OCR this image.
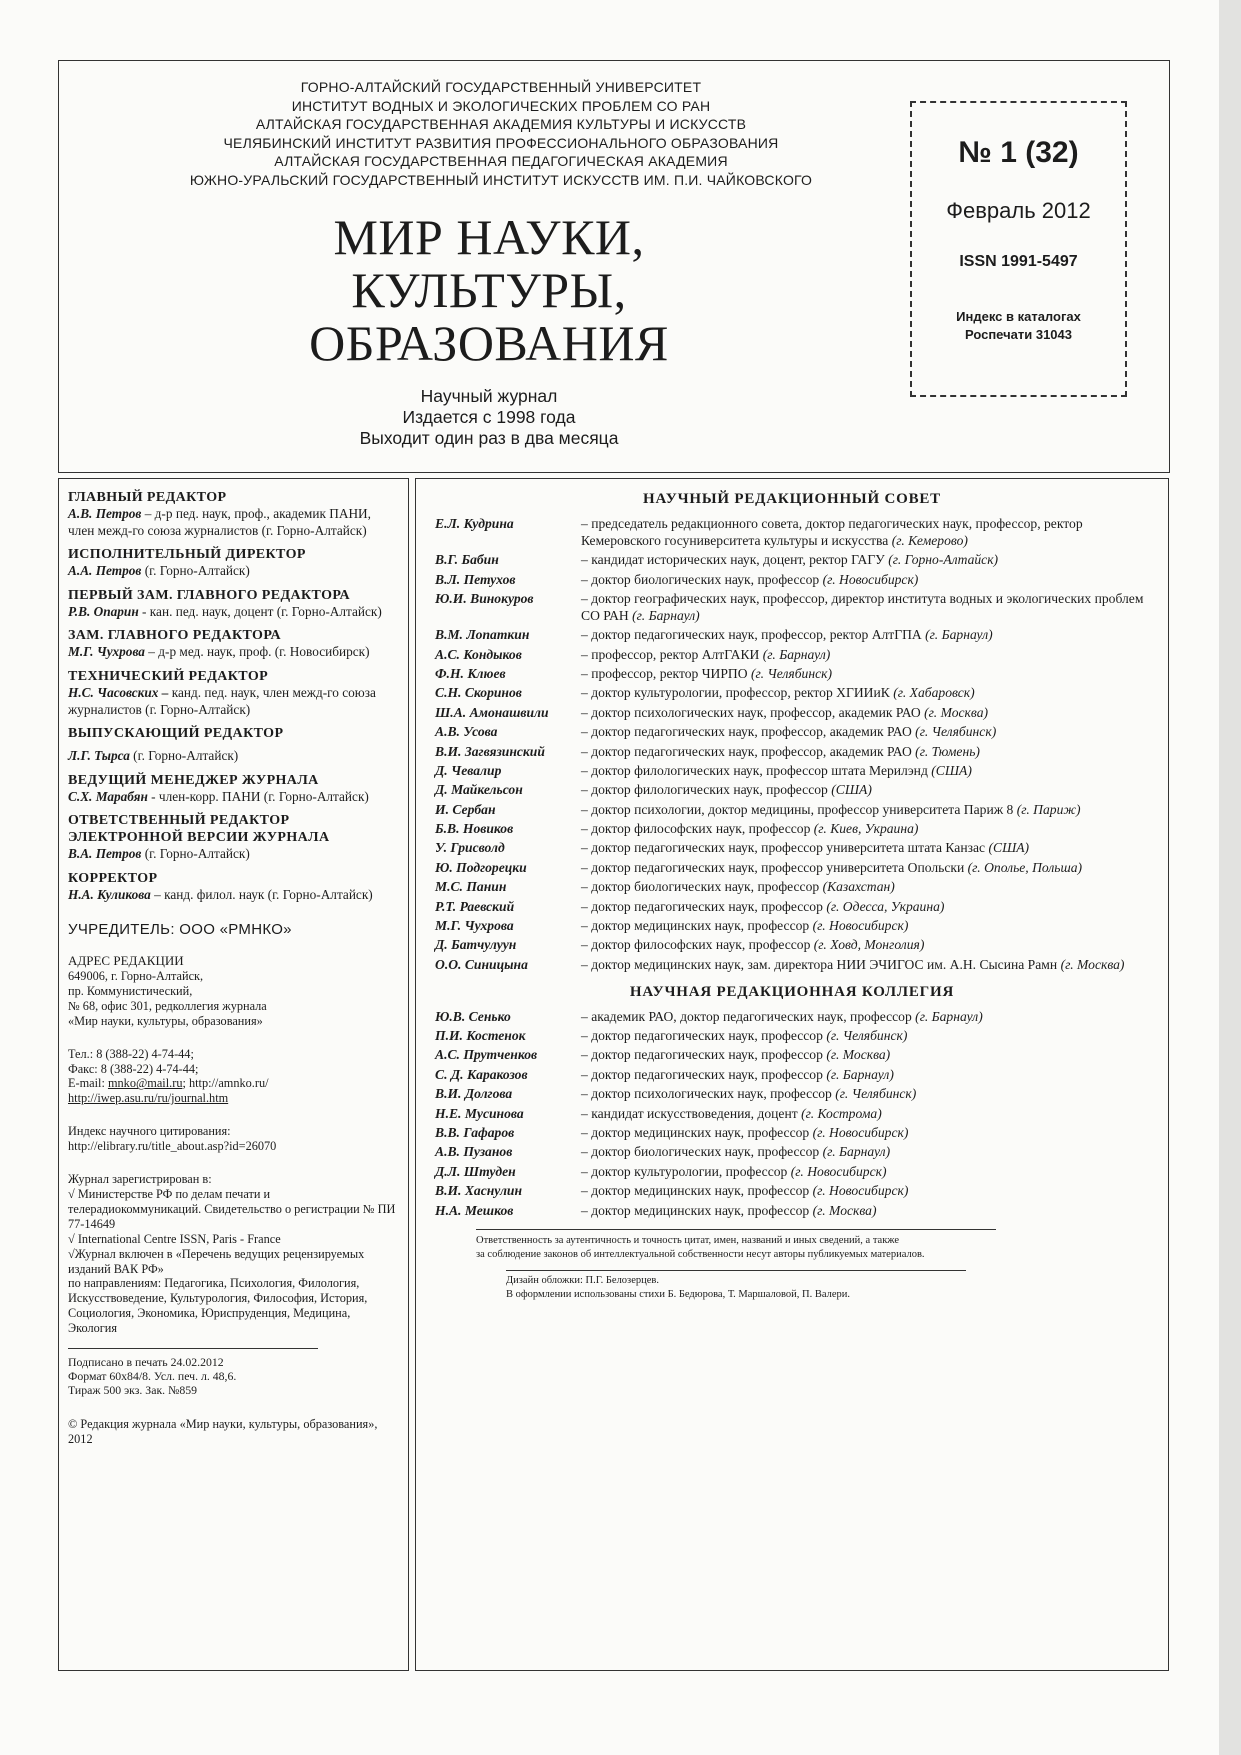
ГОРНО-АЛТАЙСКИЙ ГОСУДАРСТВЕННЫЙ УНИВЕРСИТЕТ
ИНСТИТУТ ВОДНЫХ И ЭКОЛОГИЧЕСКИХ ПРОБЛЕМ СО РАН
АЛТАЙСКАЯ ГОСУДАРСТВЕННАЯ АКАДЕМИЯ КУЛЬТУРЫ И ИСКУССТВ
ЧЕЛЯБИНСКИЙ ИНСТИТУТ РАЗВИТИЯ ПРОФЕССИОНАЛЬНОГО ОБРАЗОВАНИЯ
АЛТАЙСКАЯ ГОСУДАРСТВЕННАЯ ПЕДАГОГИЧЕСКАЯ АКАДЕМИЯ
ЮЖНО-УРАЛЬСКИЙ ГОСУДАРСТВЕННЫЙ ИНСТИТУТ ИСКУССТВ ИМ. П.И. ЧАЙКОВСКОГО
МИР НАУКИ,
КУЛЬТУРЫ,
ОБРАЗОВАНИЯ
Научный журнал
Издается с 1998 года
Выходит один раз в два месяца
№ 1 (32)
Февраль 2012
ISSN 1991-5497
Индекс в каталогах
Роспечати 31043
ГЛАВНЫЙ РЕДАКТОР
А.В. Петров – д-р пед. наук, проф., академик ПАНИ, член межд-го союза журналистов (г. Горно-Алтайск)
ИСПОЛНИТЕЛЬНЫЙ ДИРЕКТОР
А.А. Петров (г. Горно-Алтайск)
ПЕРВЫЙ ЗАМ. ГЛАВНОГО РЕДАКТОРА
Р.В. Опарин - кан. пед. наук, доцент (г. Горно-Алтайск)
ЗАМ. ГЛАВНОГО РЕДАКТОРА
М.Г. Чухрова – д-р мед. наук, проф. (г. Новосибирск)
ТЕХНИЧЕСКИЙ РЕДАКТОР
Н.С. Часовских – канд. пед. наук, член межд-го союза журналистов (г. Горно-Алтайск)
ВЫПУСКАЮЩИЙ РЕДАКТОР
Л.Г. Тырса (г. Горно-Алтайск)
ВЕДУЩИЙ МЕНЕДЖЕР ЖУРНАЛА
С.Х. Марабян - член-корр. ПАНИ (г. Горно-Алтайск)
ОТВЕТСТВЕННЫЙ РЕДАКТОР ЭЛЕКТРОННОЙ ВЕРСИИ ЖУРНАЛА
В.А. Петров (г. Горно-Алтайск)
КОРРЕКТОР
Н.А. Куликова – канд. филол. наук (г. Горно-Алтайск)
УЧРЕДИТЕЛЬ: ООО «РМНКО»
АДРЕС РЕДАКЦИИ
649006, г. Горно-Алтайск,
пр. Коммунистический,
№ 68, офис 301, редколлегия журнала
«Мир науки, культуры, образования»
Тел.: 8 (388-22) 4-74-44;
Факс: 8 (388-22) 4-74-44;
E-mail: mnko@mail.ru; http://amnko.ru/
http://iwep.asu.ru/ru/journal.htm
Индекс научного цитирования:
http://elibrary.ru/title_about.asp?id=26070
Журнал зарегистрирован в:
√ Министерстве РФ по делам печати и телерадиокоммуникаций. Свидетельство о регистрации № ПИ 77-14649
√ International Centre ISSN, Paris - France
√Журнал включен в «Перечень ведущих рецензируемых изданий ВАК РФ»
по направлениям: Педагогика, Психология, Филология, Искусствоведение, Культурология, Философия, История, Социология, Экономика, Юриспруденция, Медицина, Экология
Подписано в печать 24.02.2012
Формат 60х84/8. Усл. печ. л. 48,6.
Тираж 500 экз. Зак. №859
© Редакция журнала «Мир науки, культуры, образования», 2012
НАУЧНЫЙ РЕДАКЦИОННЫЙ СОВЕТ
Е.Л. Кудрина	– председатель редакционного совета, доктор педагогических наук, профессор, ректор Кемеровского госуниверситета культуры и искусства (г. Кемерово)
В.Г. Бабин	– кандидат исторических наук, доцент, ректор ГАГУ (г. Горно-Алтайск)
В.Л. Петухов	– доктор биологических наук, профессор (г. Новосибирск)
Ю.И. Винокуров	– доктор географических наук, профессор, директор института водных и экологических проблем СО РАН (г. Барнаул)
В.М. Лопаткин	– доктор педагогических наук, профессор, ректор АлтГПА (г. Барнаул)
А.С. Кондыков	– профессор, ректор АлтГАКИ (г. Барнаул)
Ф.Н. Клюев	– профессор, ректор ЧИРПО (г. Челябинск)
С.Н. Скоринов	– доктор культурологии, профессор, ректор ХГИИиК (г. Хабаровск)
Ш.А. Амонашвили	– доктор психологических наук, профессор, академик РАО (г. Москва)
А.В. Усова	– доктор педагогических наук, профессор, академик РАО (г. Челябинск)
В.И. Загвязинский	– доктор педагогических наук, профессор, академик РАО (г. Тюмень)
Д. Чевалир	– доктор филологических наук, профессор штата Мерилэнд (США)
Д. Майкельсон	– доктор филологических наук, профессор (США)
И. Сербан	– доктор психологии, доктор медицины, профессор университета Париж 8 (г. Париж)
Б.В. Новиков	– доктор философских наук, профессор (г. Киев, Украина)
У. Грисволд	– доктор педагогических наук, профессор университета штата Канзас (США)
Ю. Подгорецки	– доктор педагогических наук, профессор университета Опольски (г. Ополье, Польша)
М.С. Панин	– доктор биологических наук, профессор (Казахстан)
Р.Т. Раевский	– доктор педагогических наук, профессор (г. Одесса, Украина)
М.Г. Чухрова	– доктор медицинских наук, профессор (г. Новосибирск)
Д. Батчулуун	– доктор философских наук, профессор (г. Ховд, Монголия)
О.О. Синицына	– доктор медицинских наук, зам. директора НИИ ЭЧИГОС им. А.Н. Сысина Рамн (г. Москва)
НАУЧНАЯ РЕДАКЦИОННАЯ КОЛЛЕГИЯ
Ю.В. Сенько	– академик РАО, доктор педагогических наук, профессор (г. Барнаул)
П.И. Костенок	– доктор педагогических наук, профессор (г. Челябинск)
А.С. Прутченков	– доктор педагогических наук, профессор (г. Москва)
С. Д. Каракозов	– доктор педагогических наук, профессор (г. Барнаул)
В.И. Долгова	– доктор психологических наук, профессор (г. Челябинск)
Н.Е. Мусинова	– кандидат искусствоведения, доцент (г. Кострома)
В.В. Гафаров	– доктор медицинских наук, профессор (г. Новосибирск)
А.В. Пузанов	– доктор биологических наук, профессор (г. Барнаул)
Д.Л. Штуден	– доктор культурологии, профессор (г. Новосибирск)
В.И. Хаснулин	– доктор медицинских наук, профессор (г. Новосибирск)
Н.А. Мешков	– доктор медицинских наук, профессор (г. Москва)
Ответственность за аутентичность и точность цитат, имен, названий и иных сведений, а также
за соблюдение законов об интеллектуальной собственности несут авторы публикуемых материалов.
Дизайн обложки: П.Г. Белозерцев.
В оформлении использованы стихи Б. Бедюрова, Т. Маршаловой, П. Валери.
